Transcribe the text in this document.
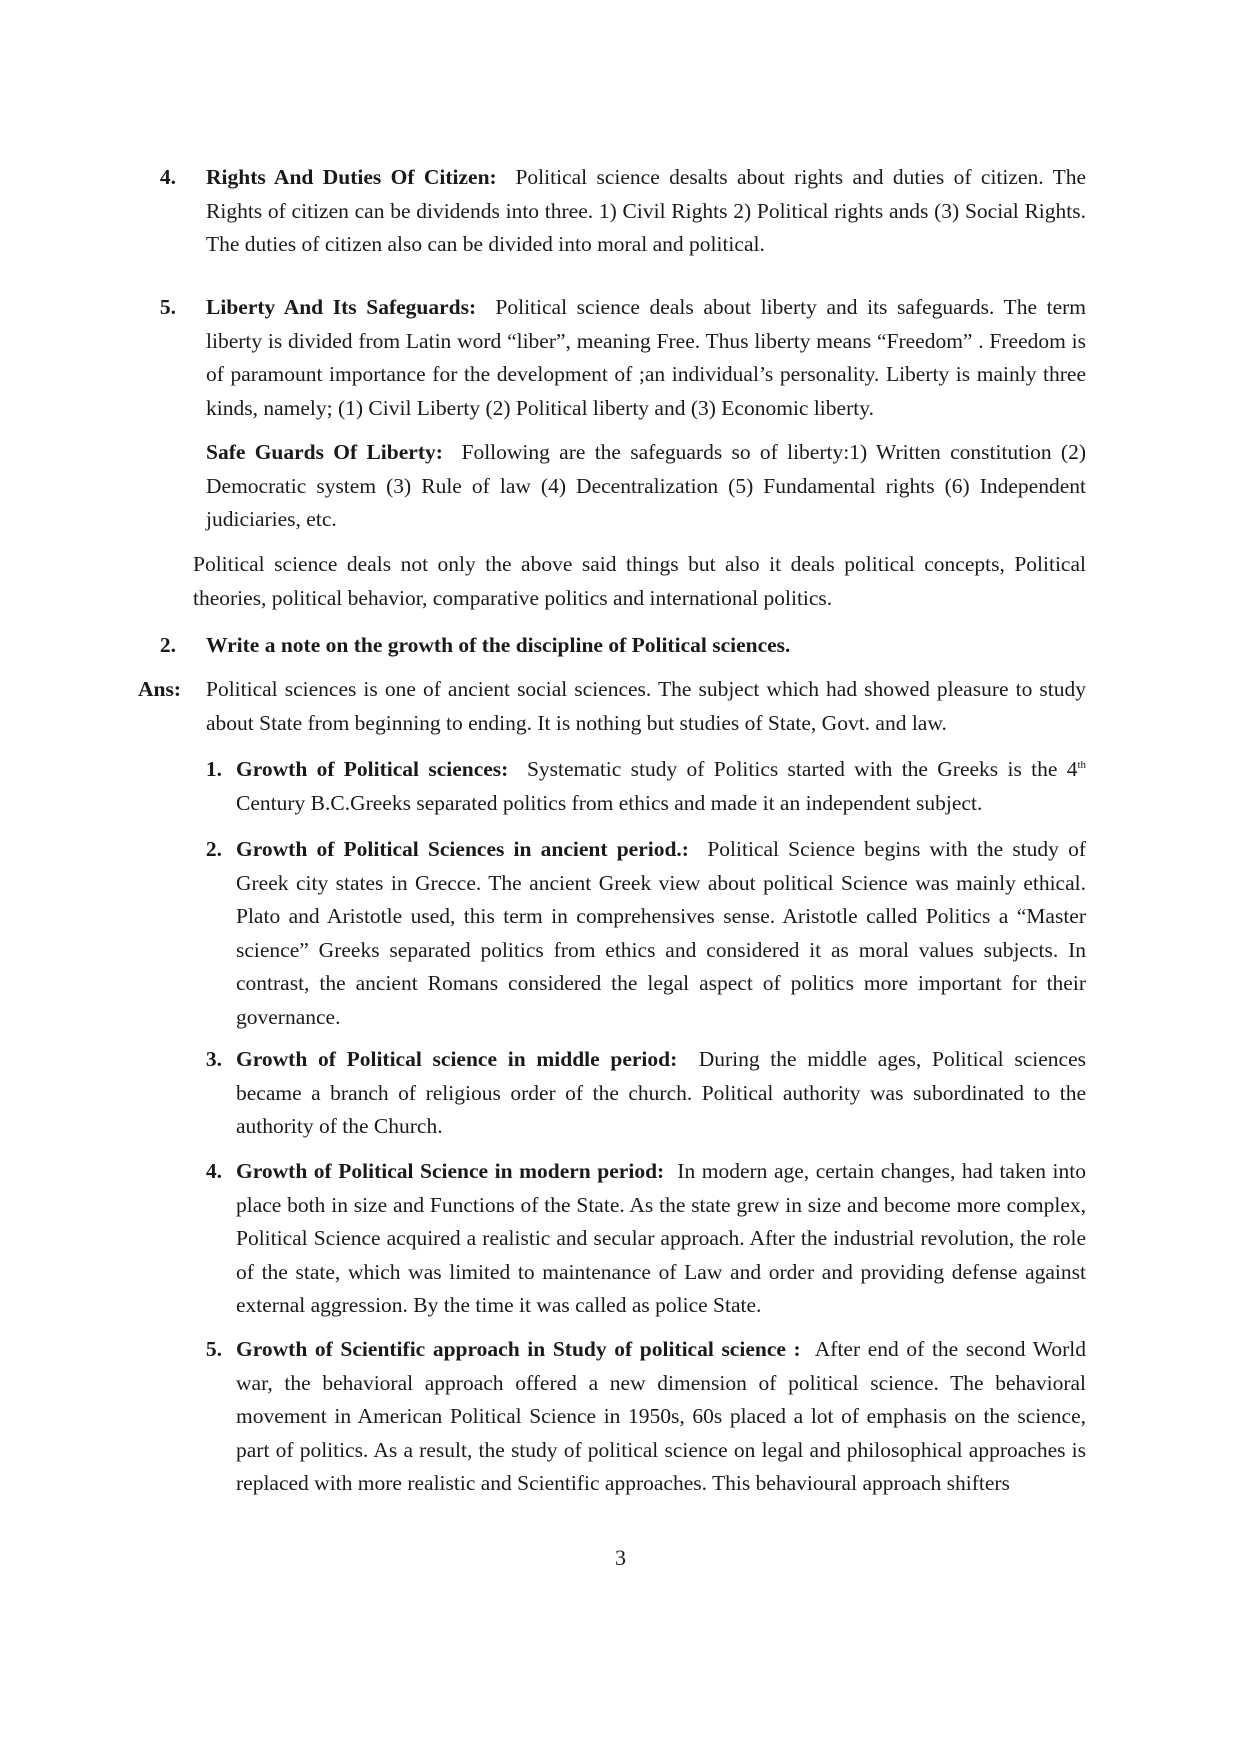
4. Rights And Duties Of Citizen: Political science desalts about rights and duties of citizen. The Rights of citizen can be dividends into three. 1) Civil Rights 2) Political rights ands (3) Social Rights. The duties of citizen also can be divided into moral and political.
5. Liberty And Its Safeguards: Political science deals about liberty and its safeguards. The term liberty is divided from Latin word “liber”, meaning Free. Thus liberty means “Freedom” . Freedom is of paramount importance for the development of ;an individual’s personality. Liberty is mainly three kinds, namely; (1) Civil Liberty (2) Political liberty and (3) Economic liberty.
Safe Guards Of Liberty: Following are the safeguards so of liberty:1) Written constitution (2) Democratic system (3) Rule of law (4) Decentralization (5) Fundamental rights (6) Independent judiciaries, etc.
Political science deals not only the above said things but also it deals political concepts, Political theories, political behavior, comparative politics and international politics.
2. Write a note on the growth of the discipline of Political sciences.
Ans:	Political sciences is one of ancient social sciences. The subject which had showed pleasure to study about State from beginning to ending. It is nothing but studies of State, Govt. and law.
1. Growth of Political sciences: Systematic study of Politics started with the Greeks is the 4th Century B.C.Greeks separated politics from ethics and made it an independent subject.
2. Growth of Political Sciences in ancient period.: Political Science begins with the study of Greek city states in Grecce. The ancient Greek view about political Science was mainly ethical. Plato and Aristotle used, this term in comprehensives sense. Aristotle called Politics a “Master science” Greeks separated politics from ethics and considered it as moral values subjects. In contrast, the ancient Romans considered the legal aspect of politics more important for their governance.
3. Growth of Political science in middle period: During the middle ages, Political sciences became a branch of religious order of the church. Political authority was subordinated to the authority of the Church.
4. Growth of Political Science in modern period: In modern age, certain changes, had taken into place both in size and Functions of the State. As the state grew in size and become more complex, Political Science acquired a realistic and secular approach. After the industrial revolution, the role of the state, which was limited to maintenance of Law and order and providing defense against external aggression. By the time it was called as police State.
5. Growth of Scientific approach in Study of political science : After end of the second World war, the behavioral approach offered a new dimension of political science. The behavioral movement in American Political Science in 1950s, 60s placed a lot of emphasis on the science, part of politics. As a result, the study of political science on legal and philosophical approaches is replaced with more realistic and Scientific approaches. This behavioural approach shifters
3
